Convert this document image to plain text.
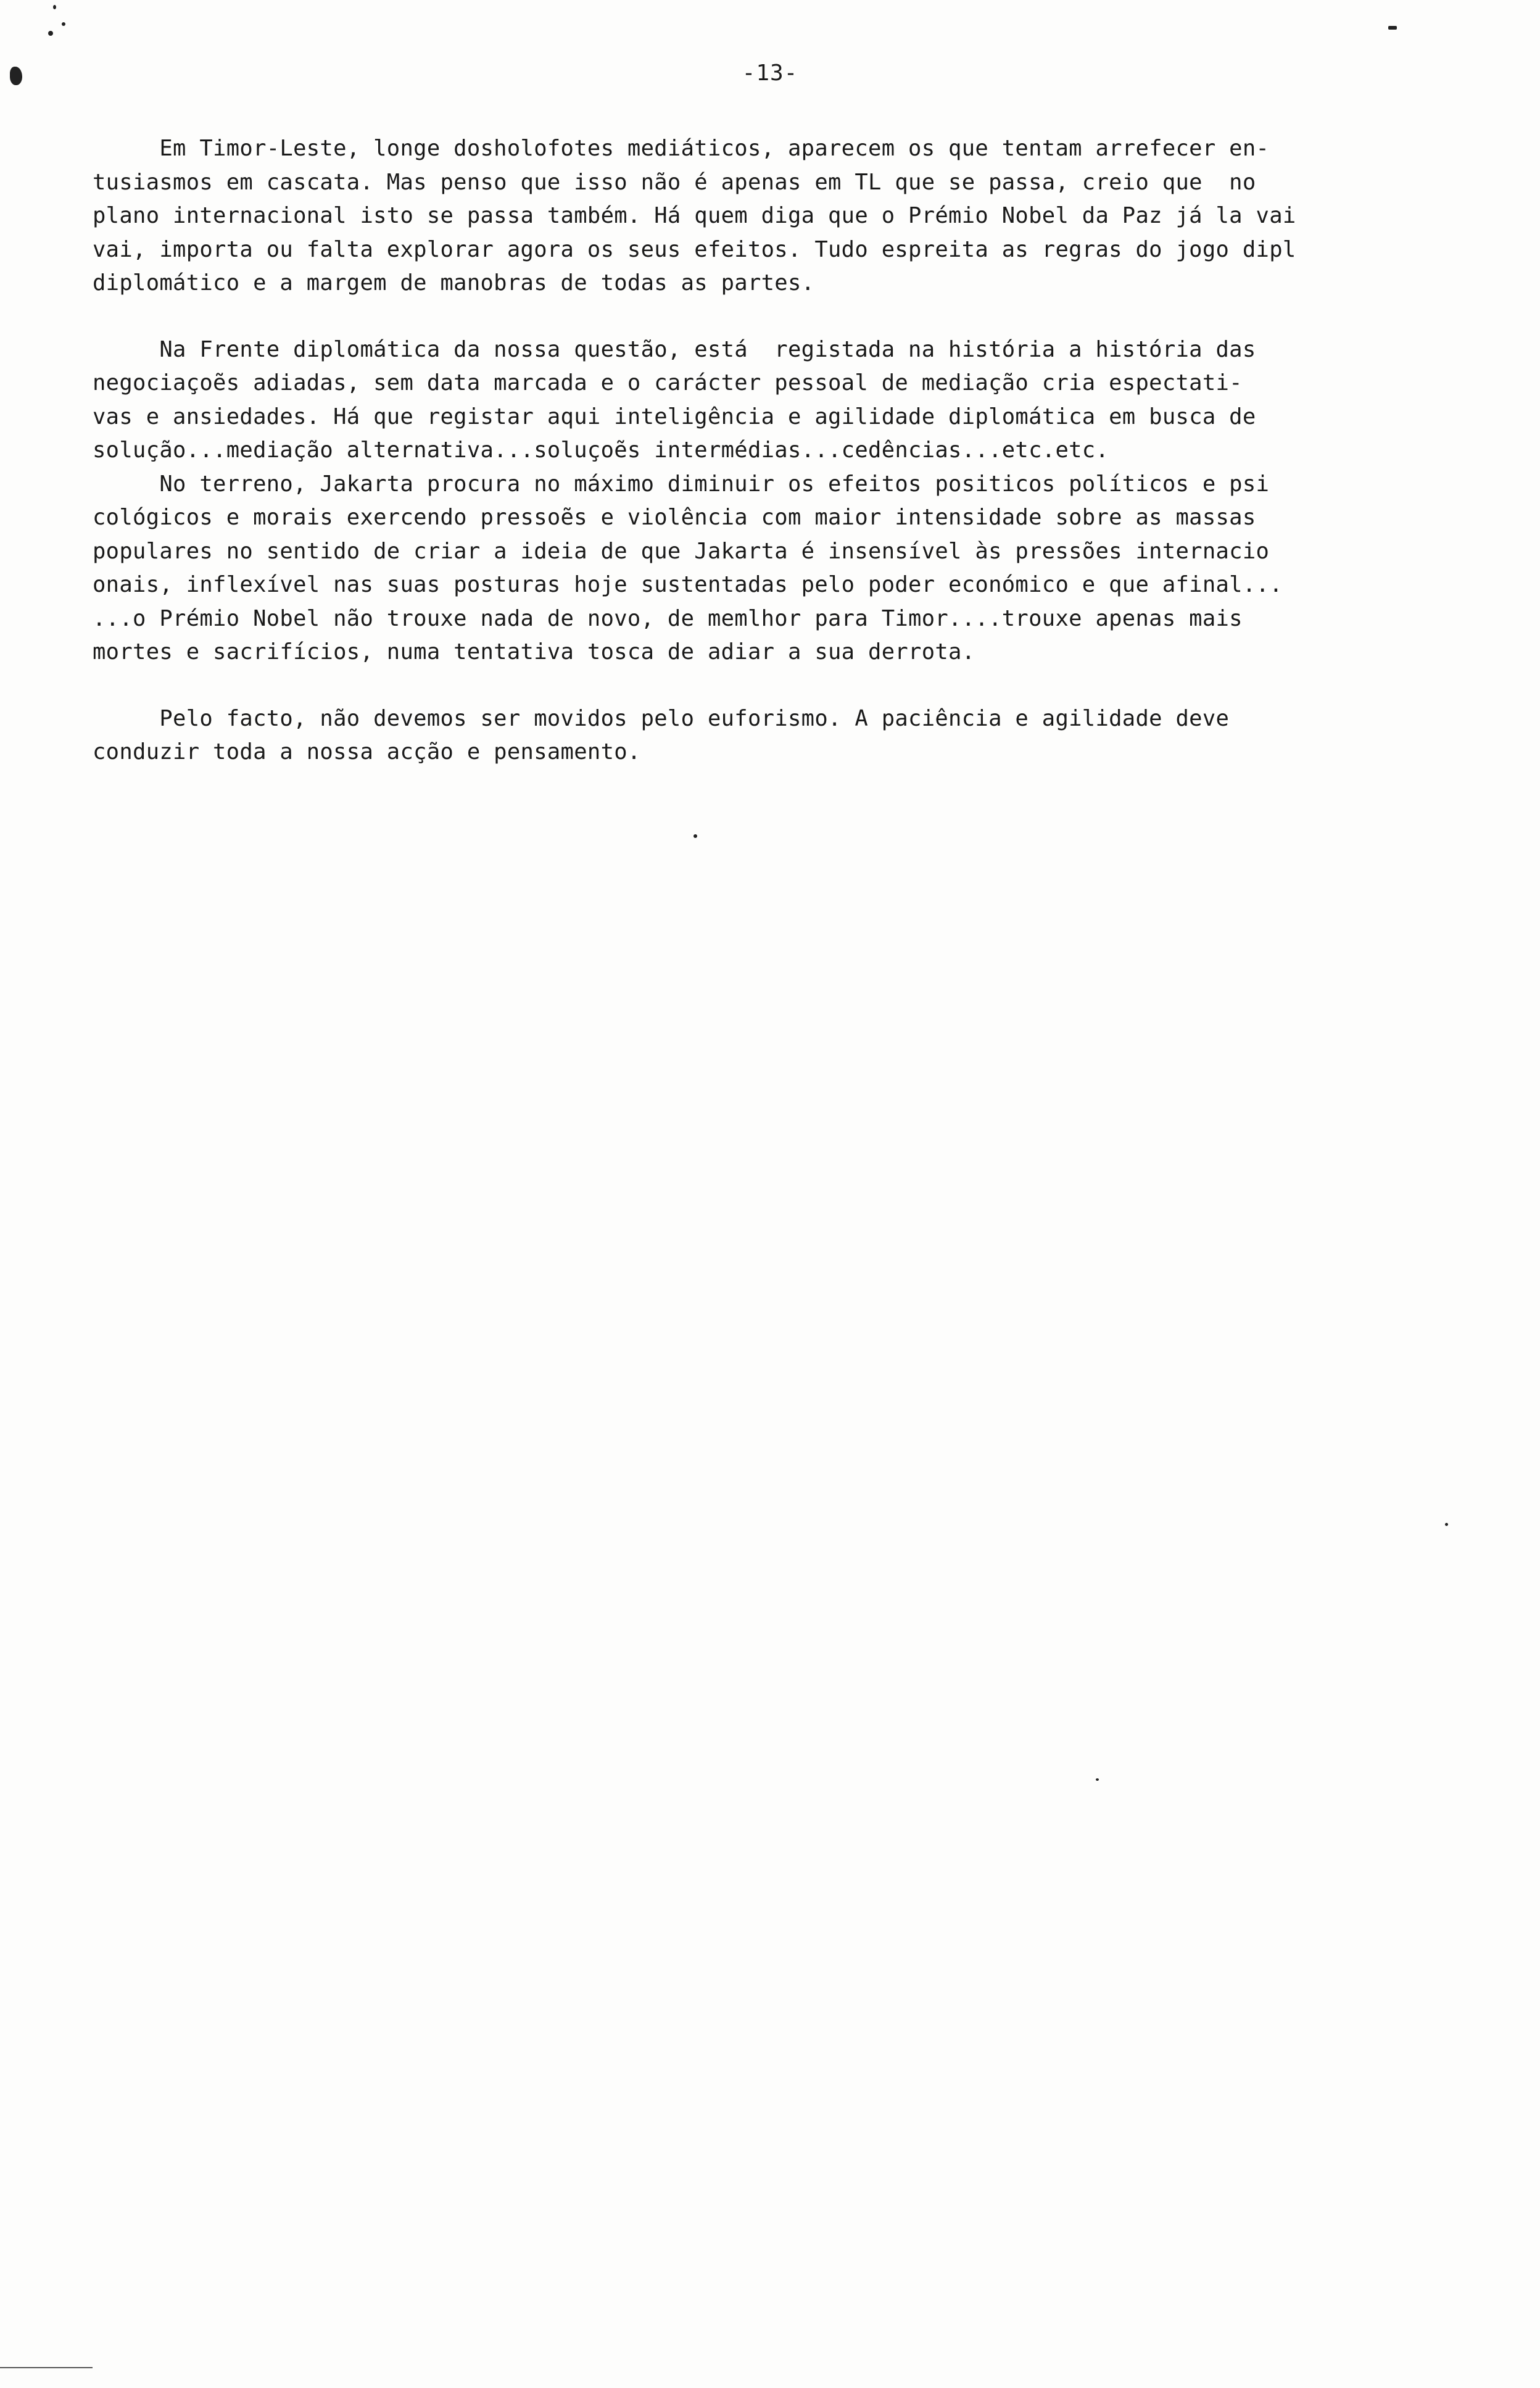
-13-
Em Timor-Leste, longe dosholofotes mediáticos, aparecem os que tentam arrefecer en-
tusiasmos em cascata. Mas penso que isso não é apenas em TL que se passa, creio que  no
plano internacional isto se passa também. Há quem diga que o Prémio Nobel da Paz já la vai
vai, importa ou falta explorar agora os seus efeitos. Tudo espreita as regras do jogo dipl
diplomático e a margem de manobras de todas as partes.
Na Frente diplomática da nossa questão, está  registada na história a história das
negociaçoẽs adiadas, sem data marcada e o carácter pessoal de mediação cria espectati-
vas e ansiedades. Há que registar aqui inteligência e agilidade diplomática em busca de
solução...mediação alternativa...soluçoẽs intermédias...cedências...etc.etc.
No terreno, Jakarta procura no máximo diminuir os efeitos positicos políticos e psi
cológicos e morais exercendo pressoẽs e violência com maior intensidade sobre as massas
populares no sentido de criar a ideia de que Jakarta é insensível às pressões internacio
onais, inflexível nas suas posturas hoje sustentadas pelo poder económico e que afinal...
...o Prémio Nobel não trouxe nada de novo, de memlhor para Timor....trouxe apenas mais
mortes e sacrifícios, numa tentativa tosca de adiar a sua derrota.
Pelo facto, não devemos ser movidos pelo euforismo. A paciência e agilidade deve
conduzir toda a nossa acção e pensamento.
